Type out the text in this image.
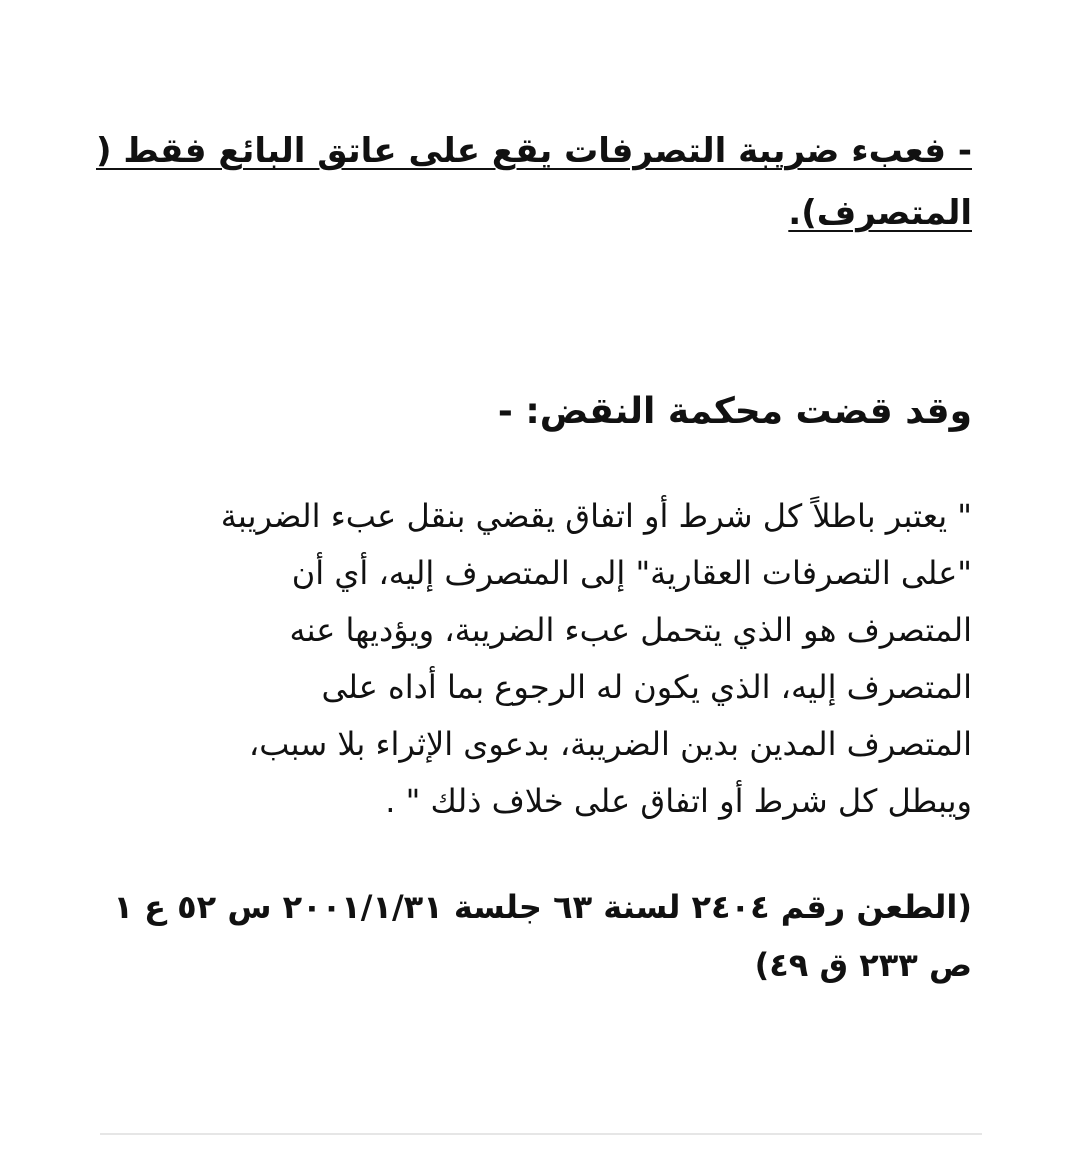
- فعبء ضريبة التصرفات يقع على عاتق البائع فقط (
المتصرف).
وقد قضت محكمة النقض: -
" يعتبر باطلاً كل شرط أو اتفاق يقضي بنقل عبء الضريبة
"على التصرفات العقارية" إلى المتصرف إليه، أي أن
المتصرف هو الذي يتحمل عبء الضريبة، ويؤديها عنه
المتصرف إليه، الذي يكون له الرجوع بما أداه على
المتصرف المدين بدين الضريبة، بدعوى الإثراء بلا سبب،
ويبطل كل شرط أو اتفاق على خلاف ذلك " .
(الطعن رقم ٢٤٠٤ لسنة ٦٣ جلسة ٢٠٠١/١/٣١ س ٥٢ ع ١
ص ٢٣٣ ق ٤٩)
